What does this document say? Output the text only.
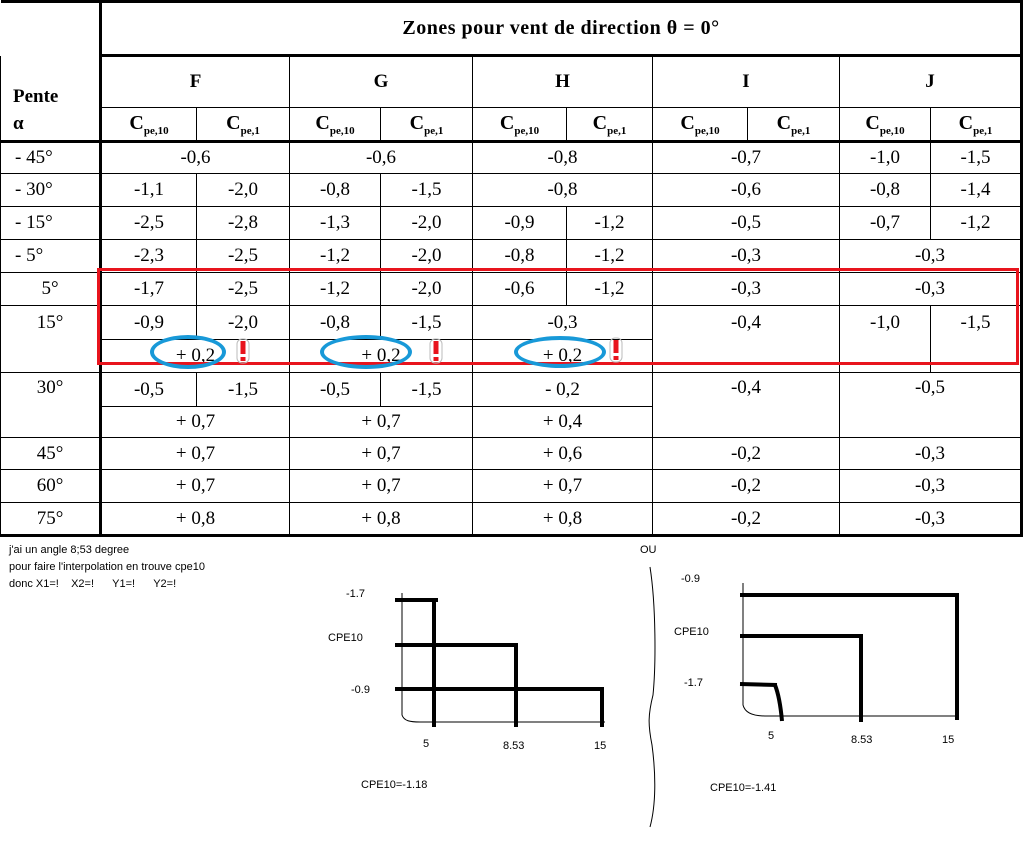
	Zones pour vent de direction θ = 0°									
Pente	F		G		H		I		J	
α	$C_{pe,10}$	$C_{pe,1}$	$C_{pe,10}$	$C_{pe,1}$	$C_{pe,10}$	$C_{pe,1}$	$C_{pe,10}$	$C_{pe,1}$	$C_{pe,10}$	$C_{pe,1}$
- 45°	-0,6		-0,6		-0,8		-0,7		-1,0	-1,5
- 30°	-1,1	-2,0	-0,8	-1,5	-0,8		-0,6		-0,8	-1,4
- 15°	-2,5	-2,8	-1,3	-2,0	-0,9	-1,2	-0,5		-0,7	-1,2
- 5°	-2,3	-2,5	-1,2	-2,0	-0,8	-1,2	-0,3		-0,3	
5°	-1,7	-2,5	-1,2	-2,0	-0,6	-1,2	-0,3		-0,3	
15°	-0,9	-2,0	-0,8	-1,5	-0,3		-0,4		-1,0	-1,5
	+ 0,2		+ 0,2		+ 0,2					
30°	-0,5	-1,5	-0,5	-1,5	- 0,2		-0,4		-0,5	
	+ 0,7		+ 0,7		+ 0,4					
45°	+ 0,7		+ 0,7		+ 0,6		-0,2		-0,3	
60°	+ 0,7		+ 0,7		+ 0,7		-0,2		-0,3	
75°	+ 0,8		+ 0,8		+ 0,8		-0,2		-0,3	
j'ai un angle 8;53 degree
pour faire l'interpolation en trouve cpe10
donc X1=!    X2=!      Y1=!      Y2=!
OU
-1.7
CPE10
-0.9
5	8.53	15
CPE10=-1.18
-0.9
CPE10
-1.7
5	8.53	15
CPE10=-1.41
